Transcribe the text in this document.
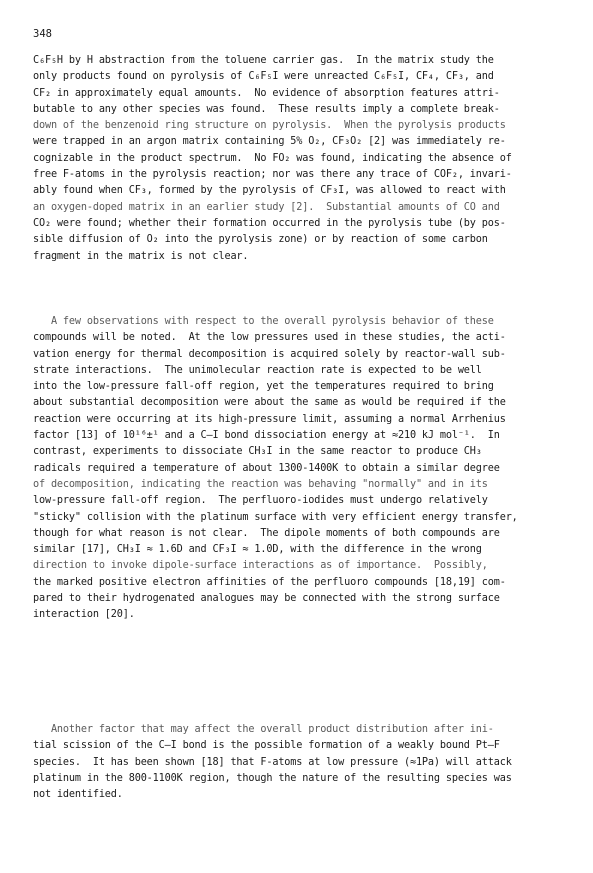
348
C₆F₅H by H abstraction from the toluene carrier gas.  In the matrix study the
only products found on pyrolysis of C₆F₅I were unreacted C₆F₅I, CF₄, CF₃, and
CF₂ in approximately equal amounts.  No evidence of absorption features attri-
butable to any other species was found.  These results imply a complete break-
down of the benzenoid ring structure on pyrolysis.  When the pyrolysis products
were trapped in an argon matrix containing 5% O₂, CF₃O₂ [2] was immediately re-
cognizable in the product spectrum.  No FO₂ was found, indicating the absence of
free F-atoms in the pyrolysis reaction; nor was there any trace of COF₂, invari-
ably found when CF₃, formed by the pyrolysis of CF₃I, was allowed to react with
an oxygen-doped matrix in an earlier study [2].  Substantial amounts of CO and
CO₂ were found; whether their formation occurred in the pyrolysis tube (by pos-
sible diffusion of O₂ into the pyrolysis zone) or by reaction of some carbon
fragment in the matrix is not clear.
A few observations with respect to the overall pyrolysis behavior of these
compounds will be noted.  At the low pressures used in these studies, the acti-
vation energy for thermal decomposition is acquired solely by reactor-wall sub-
strate interactions.  The unimolecular reaction rate is expected to be well
into the low-pressure fall-off region, yet the temperatures required to bring
about substantial decomposition were about the same as would be required if the
reaction were occurring at its high-pressure limit, assuming a normal Arrhenius
factor [13] of 10¹⁶±¹ and a C–I bond dissociation energy at ≈210 kJ mol⁻¹.  In
contrast, experiments to dissociate CH₃I in the same reactor to produce CH₃
radicals required a temperature of about 1300-1400K to obtain a similar degree
of decomposition, indicating the reaction was behaving "normally" and in its
low-pressure fall-off region.  The perfluoro-iodides must undergo relatively
"sticky" collision with the platinum surface with very efficient energy transfer,
though for what reason is not clear.  The dipole moments of both compounds are
similar [17], CH₃I ≈ 1.6D and CF₃I ≈ 1.0D, with the difference in the wrong
direction to invoke dipole-surface interactions as of importance.  Possibly,
the marked positive electron affinities of the perfluoro compounds [18,19] com-
pared to their hydrogenated analogues may be connected with the strong surface
interaction [20].
Another factor that may affect the overall product distribution after ini-
tial scission of the C–I bond is the possible formation of a weakly bound Pt–F
species.  It has been shown [18] that F-atoms at low pressure (≈1Pa) will attack
platinum in the 800-1100K region, though the nature of the resulting species was
not identified.
